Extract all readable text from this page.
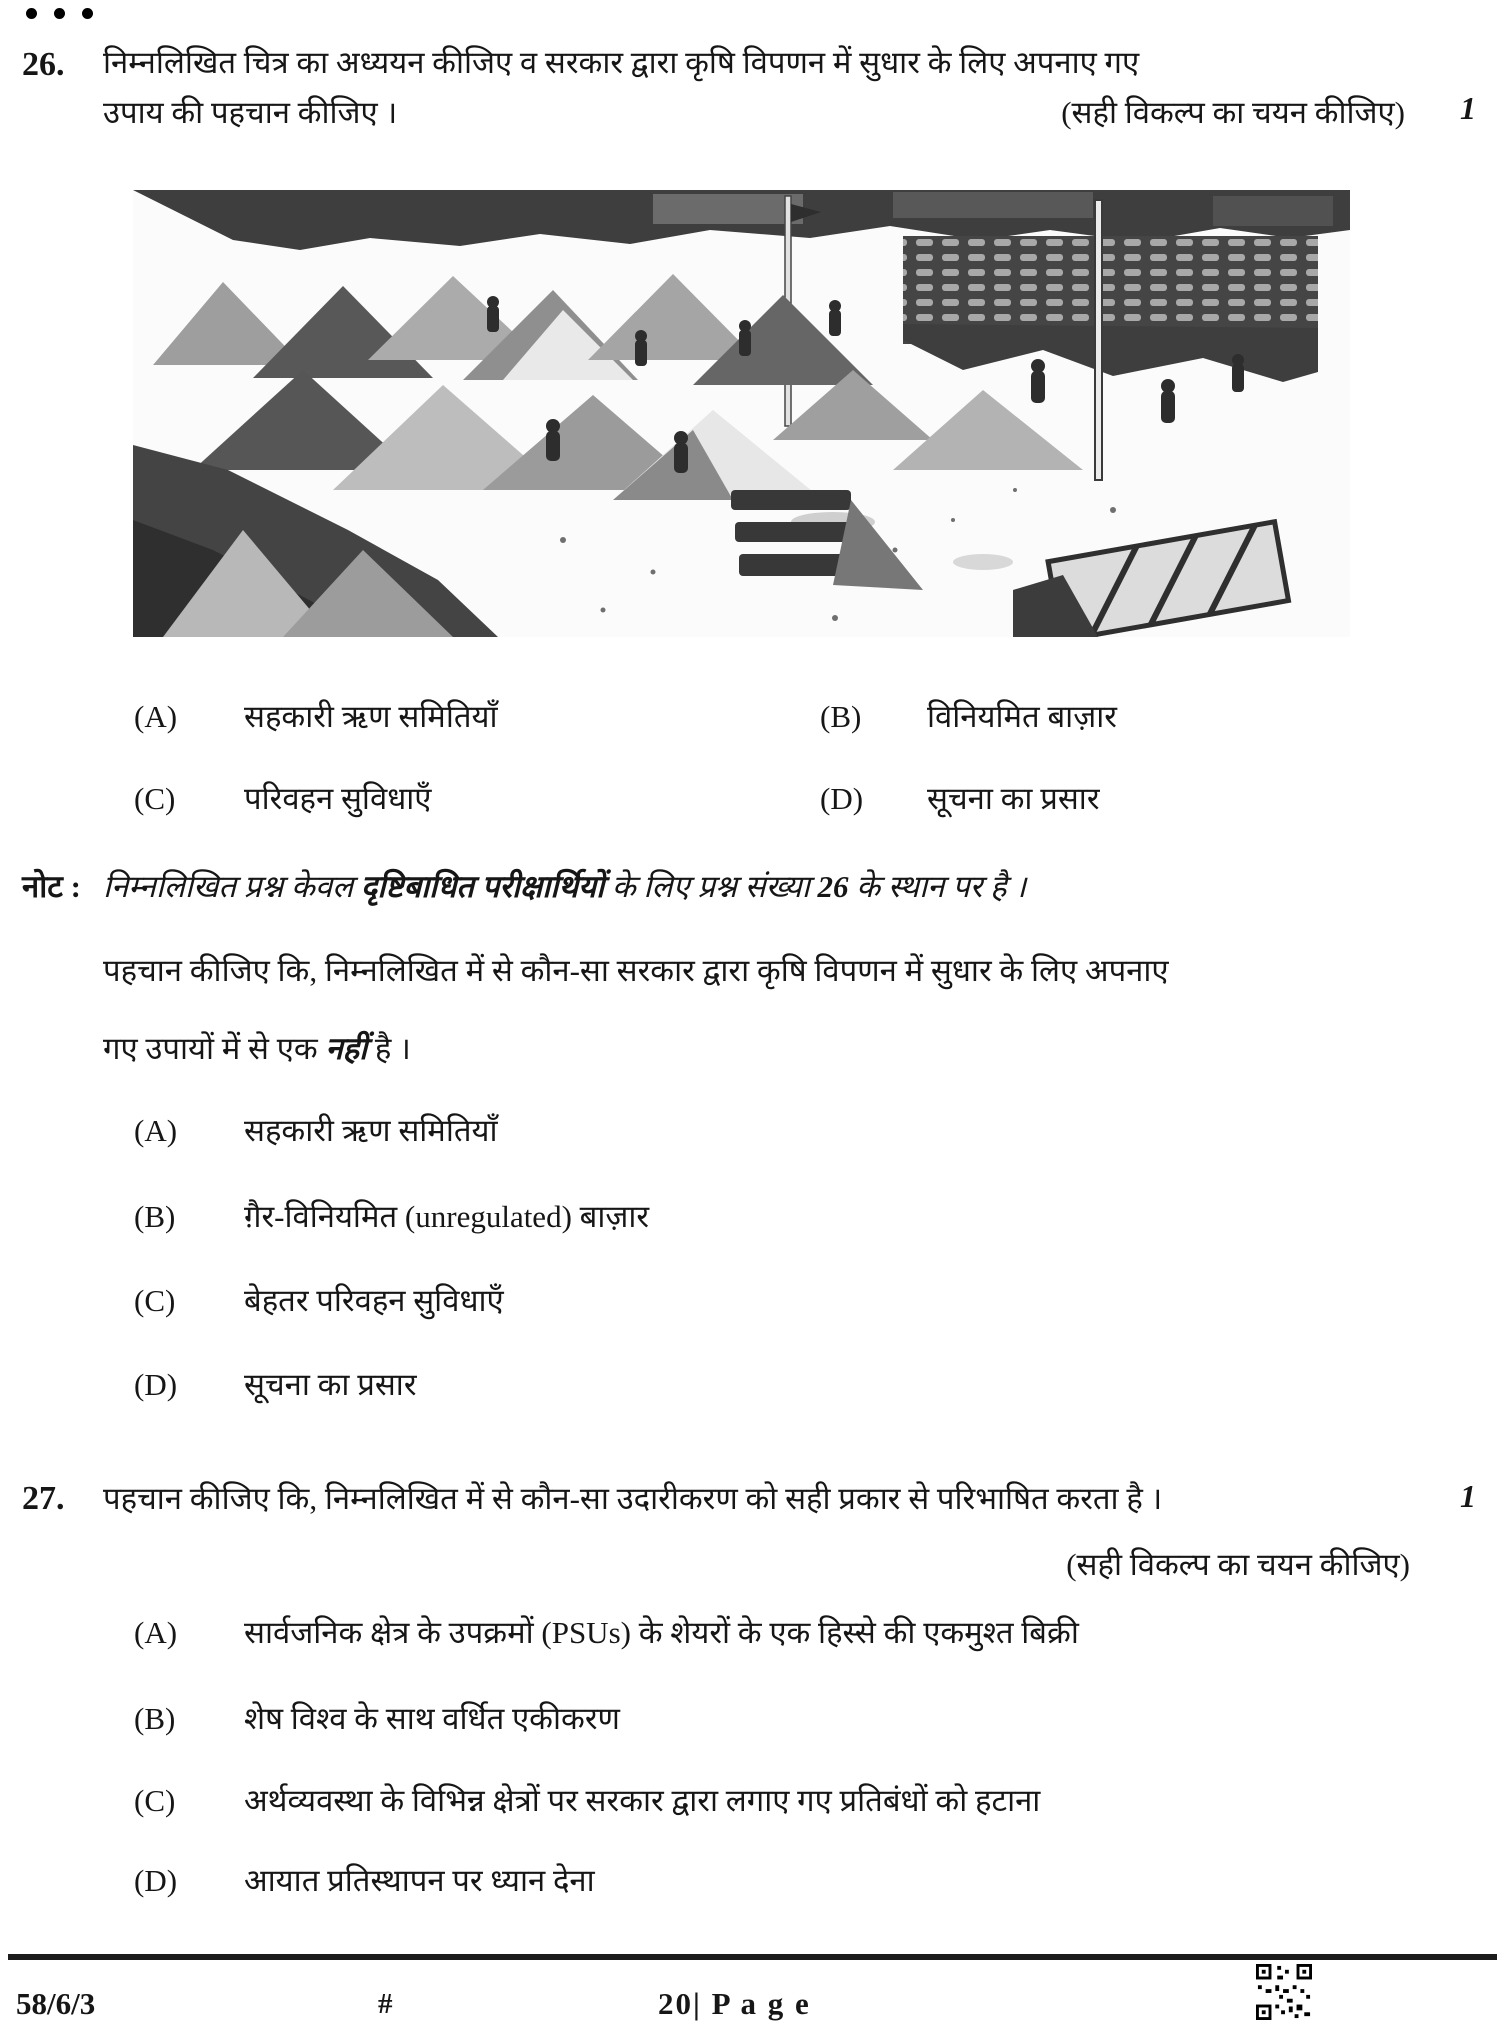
26. निम्नलिखित चित्र का अध्ययन कीजिए व सरकार द्वारा कृषि विपणन में सुधार के लिए अपनाए गए
उपाय की पहचान कीजिए ।	(सही विकल्प का चयन कीजिए) 1
(A) सहकारी ऋण समितियाँ	(B) विनियमित बाज़ार
(C) परिवहन सुविधाएँ	(D) सूचना का प्रसार
नोट : निम्नलिखित प्रश्न केवल दृष्टिबाधित परीक्षार्थियों के लिए प्रश्न संख्या 26 के स्थान पर है ।
पहचान कीजिए कि, निम्नलिखित में से कौन-सा सरकार द्वारा कृषि विपणन में सुधार के लिए अपनाए
गए उपायों में से एक नहीं है ।
(A) सहकारी ऋण समितियाँ
(B) ग़ैर-विनियमित (unregulated) बाज़ार
(C) बेहतर परिवहन सुविधाएँ
(D) सूचना का प्रसार
27. पहचान कीजिए कि, निम्नलिखित में से कौन-सा उदारीकरण को सही प्रकार से परिभाषित करता है ।	1
(सही विकल्प का चयन कीजिए)
(A) सार्वजनिक क्षेत्र के उपक्रमों (PSUs) के शेयरों के एक हिस्से की एकमुश्त बिक्री
(B) शेष विश्व के साथ वर्धित एकीकरण
(C) अर्थव्यवस्था के विभिन्न क्षेत्रों पर सरकार द्वारा लगाए गए प्रतिबंधों को हटाना
(D) आयात प्रतिस्थापन पर ध्यान देना
58/6/3	#	20| P a g e
